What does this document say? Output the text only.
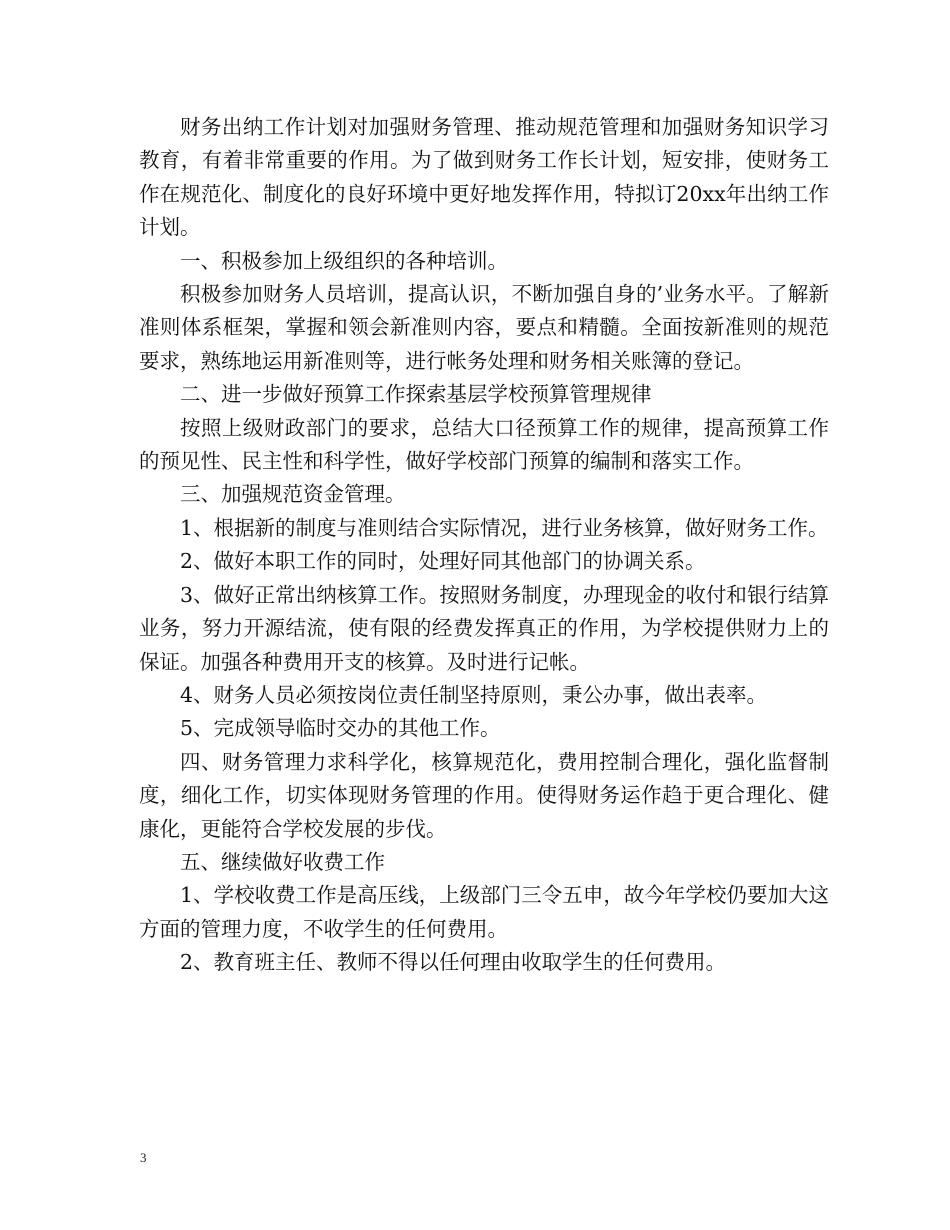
财务出纳工作计划对加强财务管理、推动规范管理和加强财务知识学习教育，有着非常重要的作用。为了做到财务工作长计划，短安排，使财务工作在规范化、制度化的良好环境中更好地发挥作用，特拟订20xx年出纳工作计划。

一、积极参加上级组织的各种培训。

积极参加财务人员培训，提高认识，不断加强自身的’业务水平。了解新准则体系框架，掌握和领会新准则内容，要点和精髓。全面按新准则的规范要求，熟练地运用新准则等，进行帐务处理和财务相关账簿的登记。

二、进一步做好预算工作探索基层学校预算管理规律

按照上级财政部门的要求，总结大口径预算工作的规律，提高预算工作的预见性、民主性和科学性，做好学校部门预算的编制和落实工作。

三、加强规范资金管理。

1、根据新的制度与准则结合实际情况，进行业务核算，做好财务工作。

2、做好本职工作的同时，处理好同其他部门的协调关系。

3、做好正常出纳核算工作。按照财务制度，办理现金的收付和银行结算业务，努力开源结流，使有限的经费发挥真正的作用，为学校提供财力上的保证。加强各种费用开支的核算。及时进行记帐。

4、财务人员必须按岗位责任制坚持原则，秉公办事，做出表率。

5、完成领导临时交办的其他工作。

四、财务管理力求科学化，核算规范化，费用控制合理化，强化监督制度，细化工作，切实体现财务管理的作用。使得财务运作趋于更合理化、健康化，更能符合学校发展的步伐。

五、继续做好收费工作

1、学校收费工作是高压线，上级部门三令五申，故今年学校仍要加大这方面的管理力度，不收学生的任何费用。

2、教育班主任、教师不得以任何理由收取学生的任何费用。

3
